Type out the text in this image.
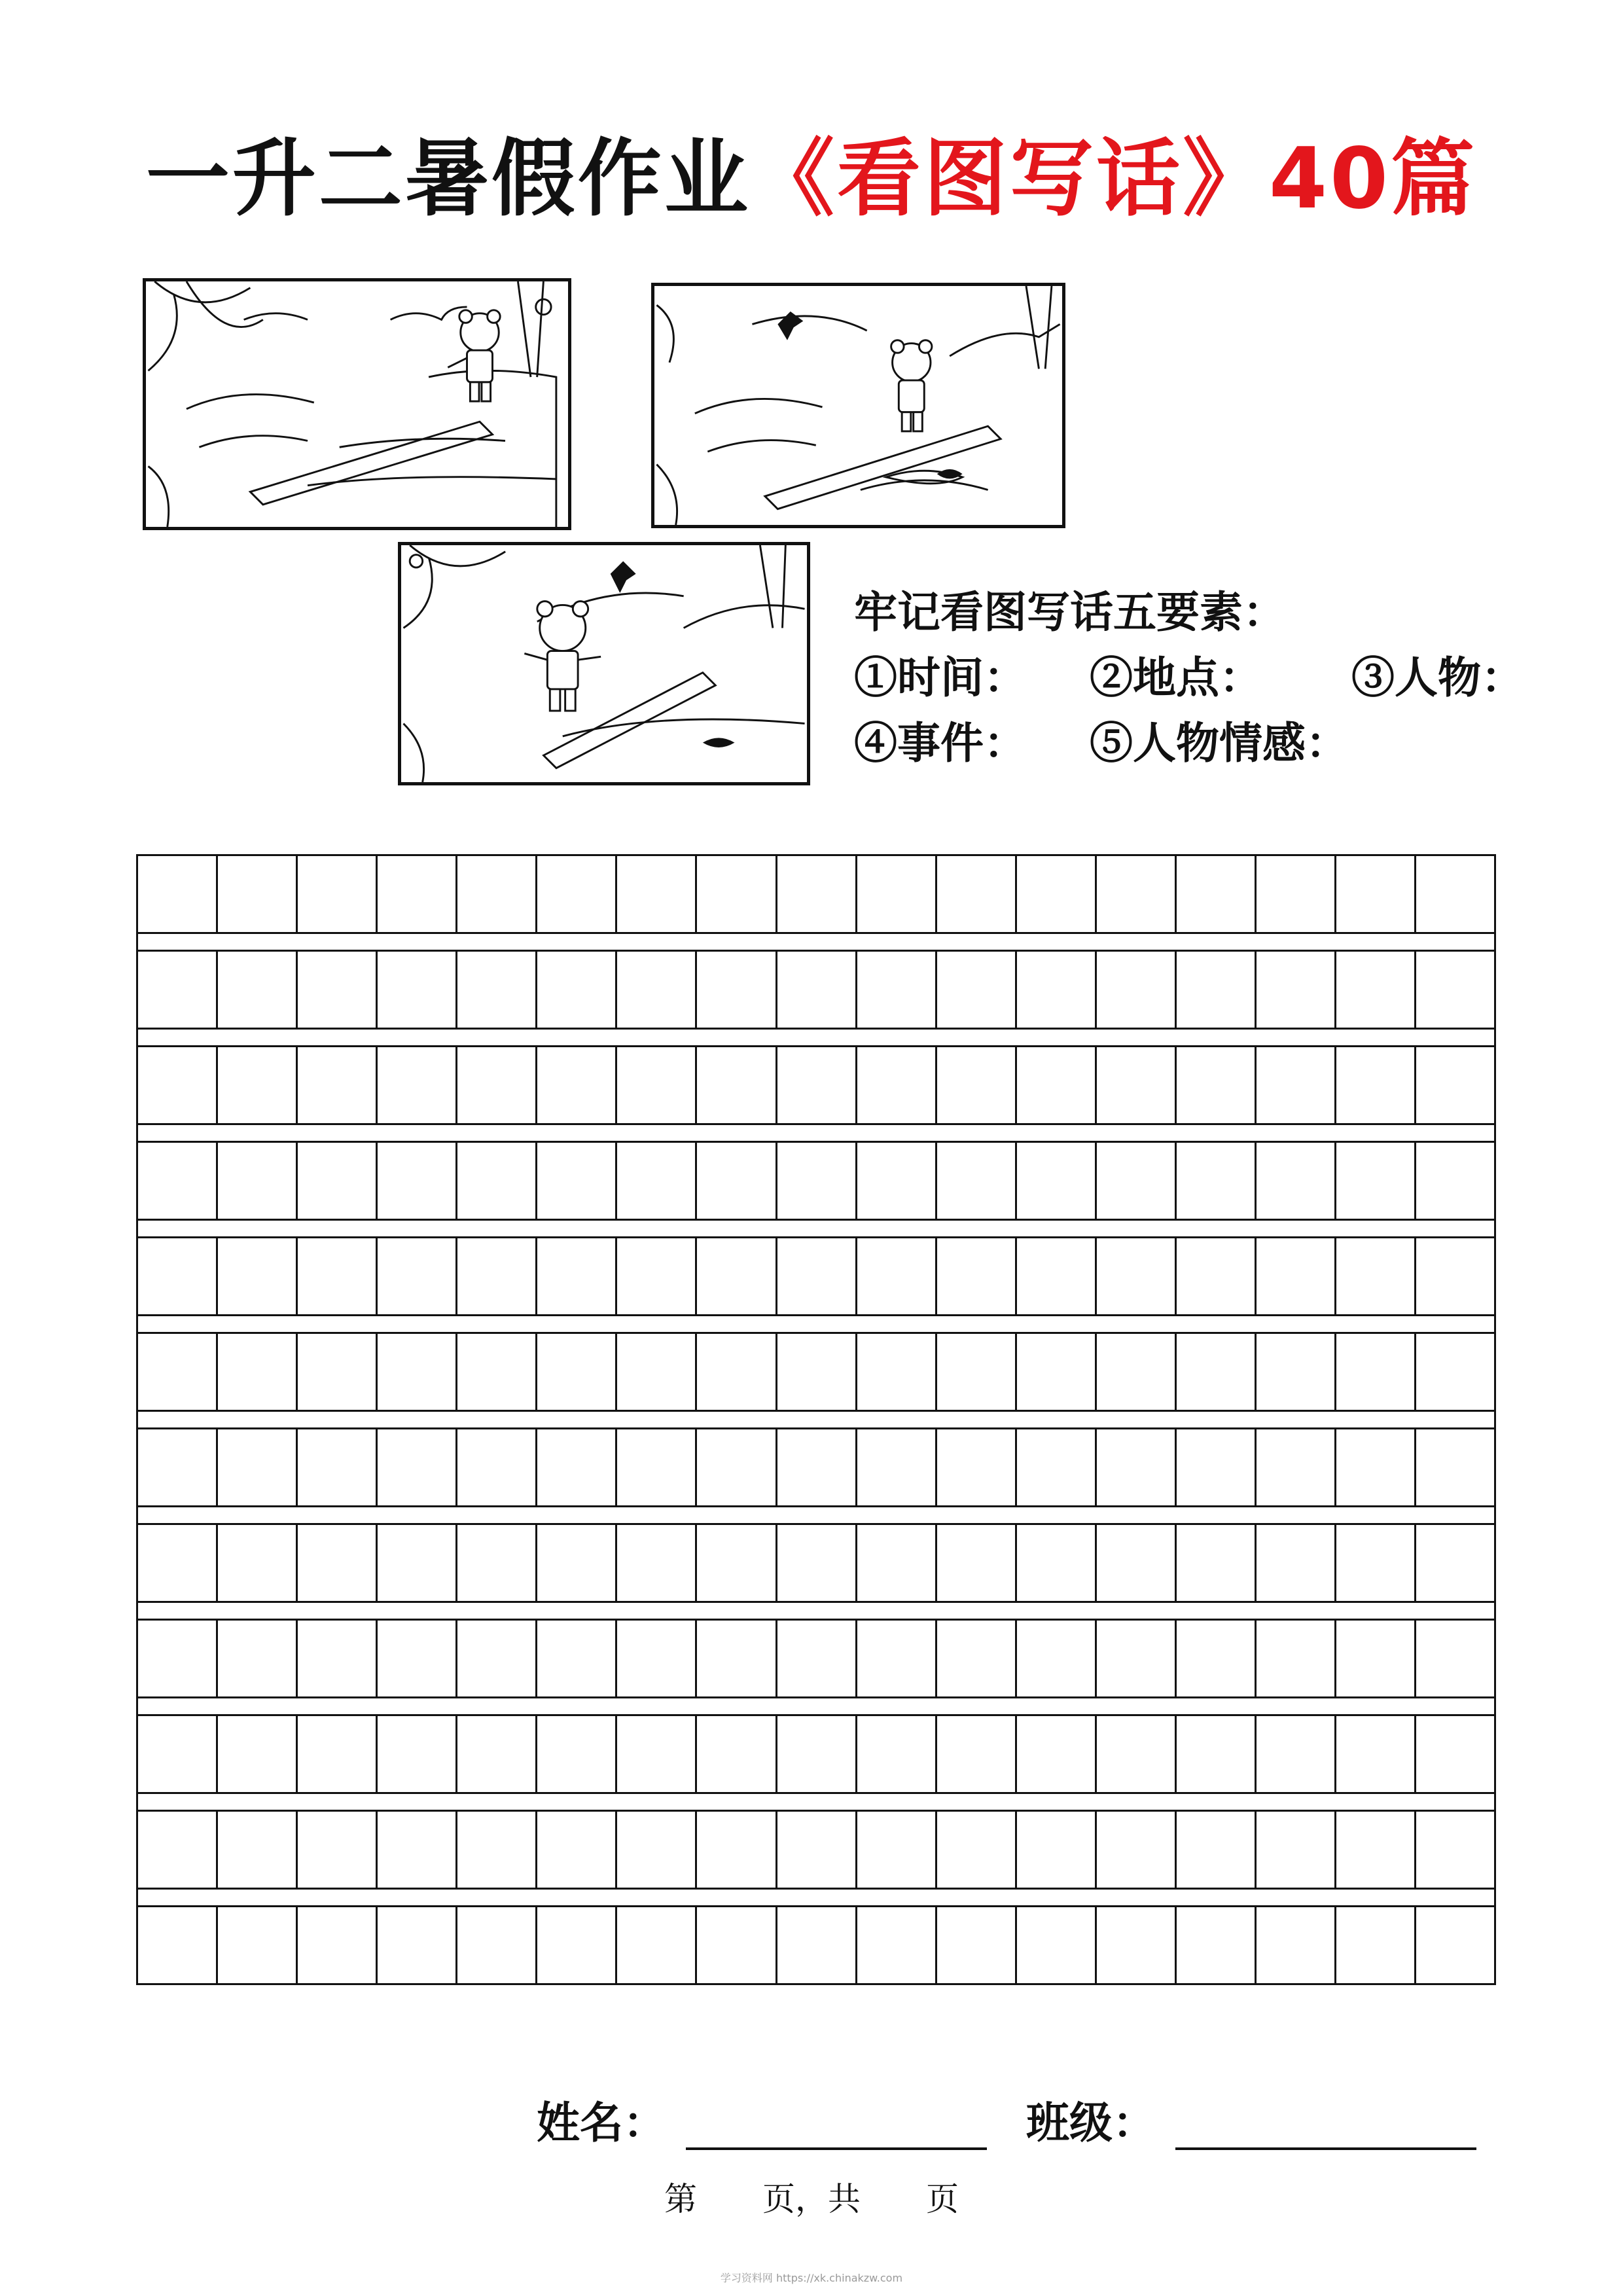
一升二暑假作业《看图写话》40篇
牢记看图写话五要素：
①时间： ②地点： ③人物：
④事件： ⑤人物情感：
姓名：	班级：
第　　页，共　　页
学习资料网 https://xk.chinakzw.com
